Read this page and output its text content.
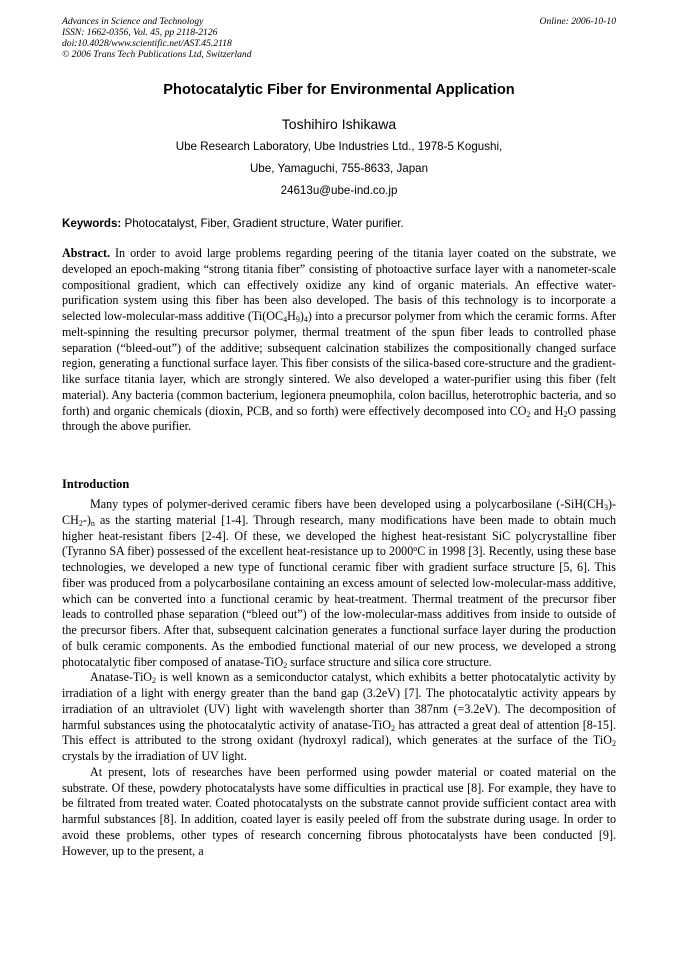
Advances in Science and Technology
ISSN: 1662-0356, Vol. 45, pp 2118-2126
doi:10.4028/www.scientific.net/AST.45.2118
© 2006 Trans Tech Publications Ltd, Switzerland
Online: 2006-10-10
Photocatalytic Fiber for Environmental Application
Toshihiro Ishikawa
Ube Research Laboratory, Ube Industries Ltd., 1978-5 Kogushi,
Ube, Yamaguchi, 755-8633, Japan
24613u@ube-ind.co.jp
Keywords: Photocatalyst, Fiber, Gradient structure, Water purifier.
Abstract. In order to avoid large problems regarding peering of the titania layer coated on the substrate, we developed an epoch-making “strong titania fiber” consisting of photoactive surface layer with a nanometer-scale compositional gradient, which can effectively oxidize any kind of organic materials. An effective water-purification system using this fiber has been also developed. The basis of this technology is to incorporate a selected low-molecular-mass additive $(Ti(OC_4H_9)_4)$ into a precursor polymer from which the ceramic forms. After melt-spinning the resulting precursor polymer, thermal treatment of the spun fiber leads to controlled phase separation (“bleed-out”) of the additive; subsequent calcination stabilizes the compositionally changed surface region, generating a functional surface layer. This fiber consists of the silica-based core-structure and the gradient-like surface titania layer, which are strongly sintered. We also developed a water-purifier using this fiber (felt material). Any bacteria (common bacterium, legionera pneumophila, colon bacillus, heterotrophic bacteria, and so forth) and organic chemicals (dioxin, PCB, and so forth) were effectively decomposed into $CO_2$ and $H_2O$ passing through the above purifier.
Introduction

Many types of polymer-derived ceramic fibers have been developed using a polycarbosilane $(-SiH(CH_3)-CH_2-)_n$ as the starting material [1-4]. Through research, many modifications have been made to obtain much higher heat-resistant fibers [2-4]. Of these, we developed the highest heat-resistant SiC polycrystalline fiber (Tyranno SA fiber) possessed of the excellent heat-resistance up to 2000$^o$C in 1998 [3]. Recently, using these base technologies, we developed a new type of functional ceramic fiber with gradient surface structure [5, 6]. This fiber was produced from a polycarbosilane containing an excess amount of selected low-molecular-mass additive, which can be converted into a functional ceramic by heat-treatment. Thermal treatment of the precursor fiber leads to controlled phase separation (“bleed out”) of the low-molecular-mass additives from inside to outside of the precursor fibers. After that, subsequent calcination generates a functional surface layer during the production of bulk ceramic components. As the embodied functional material of our new process, we developed a strong photocatalytic fiber composed of anatase-TiO$_2$ surface structure and silica core structure.

Anatase-TiO$_2$ is well known as a semiconductor catalyst, which exhibits a better photocatalytic activity by irradiation of a light with energy greater than the band gap (3.2eV) [7]. The photocatalytic activity appears by irradiation of an ultraviolet (UV) light with wavelength shorter than 387nm (=3.2eV). The decomposition of harmful substances using the photocatalytic activity of anatase-TiO$_2$ has attracted a great deal of attention [8-15]. This effect is attributed to the strong oxidant (hydroxyl radical), which generates at the surface of the TiO$_2$ crystals by the irradiation of UV light.

At present, lots of researches have been performed using powder material or coated material on the substrate. Of these, powdery photocatalysts have some difficulties in practical use [8]. For example, they have to be filtrated from treated water. Coated photocatalysts on the substrate cannot provide sufficient contact area with harmful substances [8]. In addition, coated layer is easily peeled off from the substrate during usage. In order to avoid these problems, other types of research concerning fibrous photocatalysts have been conducted [9]. However, up to the present, a
